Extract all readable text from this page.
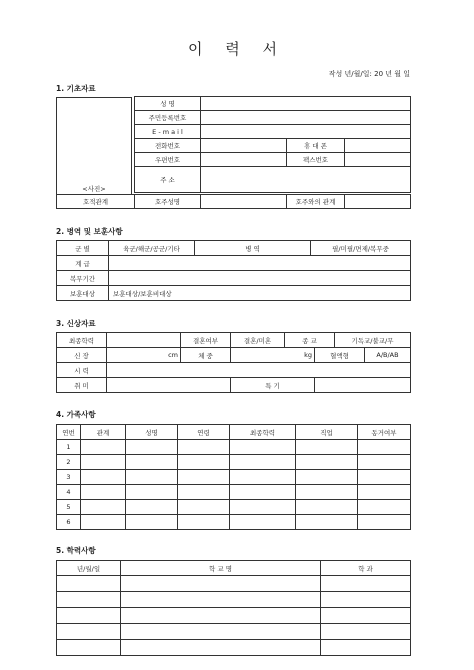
이 력 서
작성 년/월/일: 20 년 월 일
1. 기초자료
<사진>
성 명			
주민등록번호			
E - m a i l			
전화번호		휴 대 폰	
우편번호		팩스번호	
주 소			
호적관계	호주성명		호주와의 관계	
2. 병역 및 보훈사항
군 별	육군/해군/공군/기타	병 역	필/미필/면제/복무중
계 급			
복무기간			
보훈대상	보훈대상/보훈비대상		
3. 신상자료
최종학력		결혼여부	결혼/미혼	종 교		기독교/불교/무	
신 장	cm	체 중	kg		혈액형		A/B/AB
시 력							
취 미			특 기				
4. 가족사항
연번	관계	성명	연령	최종학력	직업	동거여부
1						
2						
3						
4						
5						
6						
5. 학력사항
년/월/일	학 교 명	학 과
